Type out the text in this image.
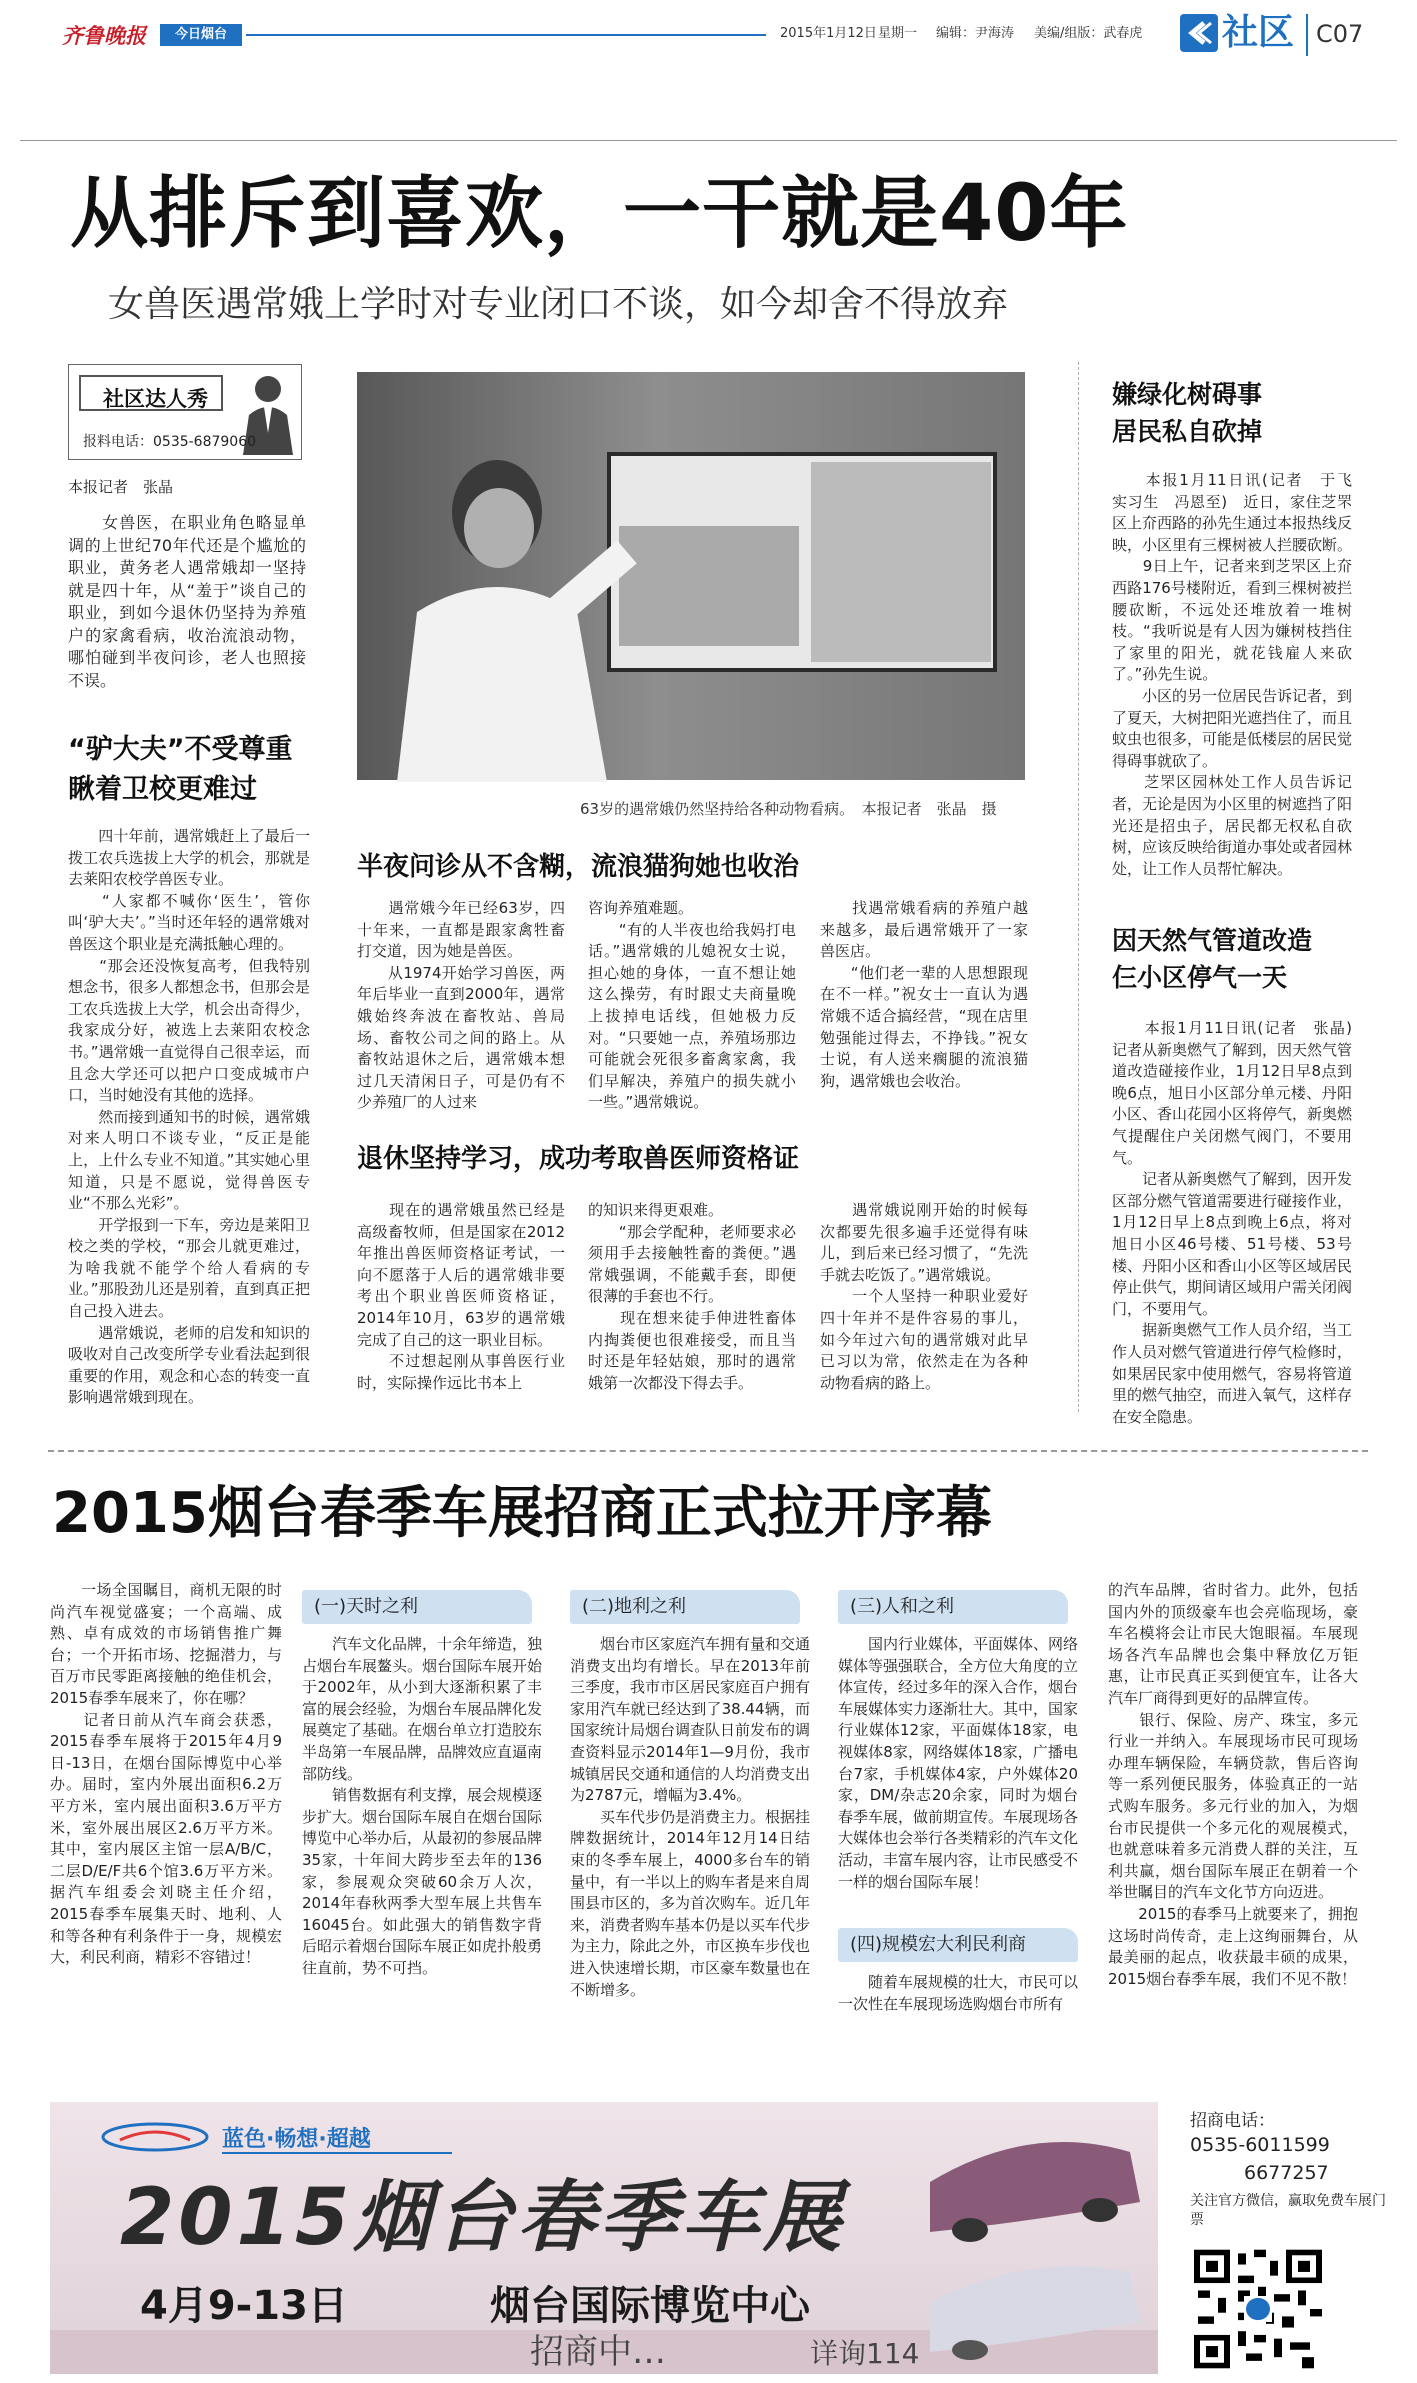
齐鲁晚报	今日烟台	2015年1月12日 星期一 编辑：尹海涛 美编/组版：武春虎 社区 C07
从排斥到喜欢，一干就是40年
女兽医遇常娥上学时对专业闭口不谈，如今却舍不得放弃
社区达人秀
报料电话：0535-6879060
本报记者　张晶
　　女兽医，在职业角色略显单调的上世纪70年代还是个尴尬的职业，黄务老人遇常娥却一坚持就是四十年，从“羞于”谈自己的职业，到如今退休仍坚持为养殖户的家禽看病，收治流浪动物，哪怕碰到半夜问诊，老人也照接不误。
63岁的遇常娥仍然坚持给各种动物看病。　本报记者　张晶　摄
“驴大夫”不受尊重
瞅着卫校更难过
　　四十年前，遇常娥赶上了最后一拨工农兵选拔上大学的机会，那就是去莱阳农校学兽医专业。
　　“人家都不喊你‘医生’，管你叫‘驴大夫’。”当时还年轻的遇常娥对兽医这个职业是充满抵触心理的。
　　“那会还没恢复高考，但我特别想念书，很多人都想念书，但那会是工农兵选拔上大学，机会出奇得少，我家成分好，被选上去莱阳农校念书。”遇常娥一直觉得自己很幸运，而且念大学还可以把户口变成城市户口，当时她没有其他的选择。
　　然而接到通知书的时候，遇常娥对来人明口不谈专业，“反正是能上，上什么专业不知道。”其实她心里知道，只是不愿说，觉得兽医专业“不那么光彩”。
　　开学报到一下车，旁边是莱阳卫校之类的学校，“那会儿就更难过，为啥我就不能学个给人看病的专业。”那股劲儿还是别着，直到真正把自己投入进去。
　　遇常娥说，老师的启发和知识的吸收对自己改变所学专业看法起到很重要的作用，观念和心态的转变一直影响遇常娥到现在。
半夜问诊从不含糊，流浪猫狗她也收治
　　遇常娥今年已经63岁，四十年来，一直都是跟家禽牲畜打交道，因为她是兽医。
　　从1974开始学习兽医，两年后毕业一直到2000年，遇常娥始终奔波在畜牧站、兽局场、畜牧公司之间的路上。从畜牧站退休之后，遇常娥本想过几天清闲日子，可是仍有不少养殖厂的人过来
咨询养殖难题。
　　“有的人半夜也给我妈打电话。”遇常娥的儿媳祝女士说，担心她的身体，一直不想让她这么操劳，有时跟丈夫商量晚上拔掉电话线，但她极力反对。“只要她一点，养殖场那边可能就会死很多畜禽家禽，我们早解决，养殖户的损失就小一些。”遇常娥说。
　　找遇常娥看病的养殖户越来越多，最后遇常娥开了一家兽医店。
　　“他们老一辈的人思想跟现在不一样。”祝女士一直认为遇常娥不适合搞经营，“现在店里勉强能过得去，不挣钱。”祝女士说，有人送来瘸腿的流浪猫狗，遇常娥也会收治。
退休坚持学习，成功考取兽医师资格证
　　现在的遇常娥虽然已经是高级畜牧师，但是国家在2012年推出兽医师资格证考试，一向不愿落于人后的遇常娥非要考出个职业兽医师资格证，2014年10月，63岁的遇常娥完成了自己的这一职业目标。
　　不过想起刚从事兽医行业时，实际操作远比书本上
的知识来得更艰难。
　　“那会学配种，老师要求必须用手去接触牲畜的粪便。”遇常娥强调，不能戴手套，即便很薄的手套也不行。
　　现在想来徒手伸进牲畜体内掏粪便也很难接受，而且当时还是年轻姑娘，那时的遇常娥第一次都没下得去手。
　　遇常娥说刚开始的时候每次都要先很多遍手还觉得有味儿，到后来已经习惯了，“先洗手就去吃饭了。”遇常娥说。
　　一个人坚持一种职业爱好四十年并不是件容易的事儿，如今年过六旬的遇常娥对此早已习以为常，依然走在为各种动物看病的路上。
嫌绿化树碍事
居民私自砍掉
　　本报1月11日讯(记者　于飞　实习生　冯恩至)　近日，家住芝罘区上夼西路的孙先生通过本报热线反映，小区里有三棵树被人拦腰砍断。
　　9日上午，记者来到芝罘区上夼西路176号楼附近，看到三棵树被拦腰砍断，不远处还堆放着一堆树枝。“我听说是有人因为嫌树枝挡住了家里的阳光，就花钱雇人来砍了。”孙先生说。
　　小区的另一位居民告诉记者，到了夏天，大树把阳光遮挡住了，而且蚊虫也很多，可能是低楼层的居民觉得碍事就砍了。
　　芝罘区园林处工作人员告诉记者，无论是因为小区里的树遮挡了阳光还是招虫子，居民都无权私自砍树，应该反映给街道办事处或者园林处，让工作人员帮忙解决。
因天然气管道改造
仨小区停气一天
　　本报1月11日讯(记者　张晶)　记者从新奥燃气了解到，因天然气管道改造碰接作业，1月12日早8点到晚6点，旭日小区部分单元楼、丹阳小区、香山花园小区将停气，新奥燃气提醒住户关闭燃气阀门，不要用气。
　　记者从新奥燃气了解到，因开发区部分燃气管道需要进行碰接作业，1月12日早上8点到晚上6点，将对旭日小区46号楼、51号楼、53号楼、丹阳小区和香山小区等区域居民停止供气，期间请区域用户需关闭阀门，不要用气。
　　据新奥燃气工作人员介绍，当工作人员对燃气管道进行停气检修时，如果居民家中使用燃气，容易将管道里的燃气抽空，而进入氧气，这样存在安全隐患。
2015烟台春季车展招商正式拉开序幕
　　一场全国瞩目，商机无限的时尚汽车视觉盛宴；一个高端、成熟、卓有成效的市场销售推广舞台；一个开拓市场、挖掘潜力，与百万市民零距离接触的绝佳机会，2015春季车展来了，你在哪？
　　记者日前从汽车商会获悉，2015春季车展将于2015年4月9日-13日，在烟台国际博览中心举办。届时，室内外展出面积6.2万平方米，室内展出面积3.6万平方米，室外展出展区2.6万平方米。其中，室内展区主馆一层A/B/C，二层D/E/F共6个馆3.6万平方米。据汽车组委会刘晓主任介绍，2015春季车展集天时、地利、人和等各种有利条件于一身，规模宏大，利民利商，精彩不容错过！
(一)天时之利
　　汽车文化品牌，十余年缔造，独占烟台车展鳌头。烟台国际车展开始于2002年，从小到大逐渐积累了丰富的展会经验，为烟台车展品牌化发展奠定了基础。在烟台单立打造胶东半岛第一车展品牌，品牌效应直逼南部防线。
　　销售数据有利支撑，展会规模逐步扩大。烟台国际车展自在烟台国际博览中心举办后，从最初的参展品牌35家，十年间大跨步至去年的136家，参展观众突破60余万人次，2014年春秋两季大型车展上共售车16045台。如此强大的销售数字背后昭示着烟台国际车展正如虎扑般勇往直前，势不可挡。
(二)地利之利
　　烟台市区家庭汽车拥有量和交通消费支出均有增长。早在2013年前三季度，我市市区居民家庭百户拥有家用汽车就已经达到了38.44辆，而国家统计局烟台调查队日前发布的调查资料显示2014年1—9月份，我市城镇居民交通和通信的人均消费支出为2787元，增幅为3.4%。
　　买车代步仍是消费主力。根据挂牌数据统计，2014年12月14日结束的冬季车展上，4000多台车的销量中，有一半以上的购车者是来自周围县市区的，多为首次购车。近几年来，消费者购车基本仍是以买车代步为主力，除此之外，市区换车步伐也进入快速增长期，市区豪车数量也在不断增多。
(三)人和之利
　　国内行业媒体，平面媒体、网络媒体等强强联合，全方位大角度的立体宣传，经过多年的深入合作，烟台车展媒体实力逐渐壮大。其中，国家行业媒体12家，平面媒体18家，电视媒体8家，网络媒体18家，广播电台7家，手机媒体4家，户外媒体20家，DM/杂志20余家，同时为烟台春季车展，做前期宣传。车展现场各大媒体也会举行各类精彩的汽车文化活动，丰富车展内容，让市民感受不一样的烟台国际车展！
(四)规模宏大利民利商
　　随着车展规模的壮大，市民可以一次性在车展现场选购烟台市所有
的汽车品牌，省时省力。此外，包括国内外的顶级豪车也会亮临现场，豪车名模将会让市民大饱眼福。车展现场各汽车品牌也会集中释放亿万钜惠，让市民真正买到便宜车，让各大汽车厂商得到更好的品牌宣传。
　　银行、保险、房产、珠宝，多元行业一并纳入。车展现场市民可现场办理车辆保险，车辆贷款，售后咨询等一系列便民服务，体验真正的一站式购车服务。多元行业的加入，为烟台市民提供一个多元化的观展模式，也就意味着多元消费人群的关注，互利共赢，烟台国际车展正在朝着一个举世瞩目的汽车文化节方向迈进。
　　2015的春季马上就要来了，拥抱这场时尚传奇，走上这绚丽舞台，从最美丽的起点，收获最丰硕的成果，2015烟台春季车展，我们不见不散！
蓝色·畅想·超越
2015烟台春季车展
4月9-13日	烟台国际博览中心
招商中…	详询114
招商电话：
0535-6011599
6677257
关注官方微信，赢取免费车展门票
